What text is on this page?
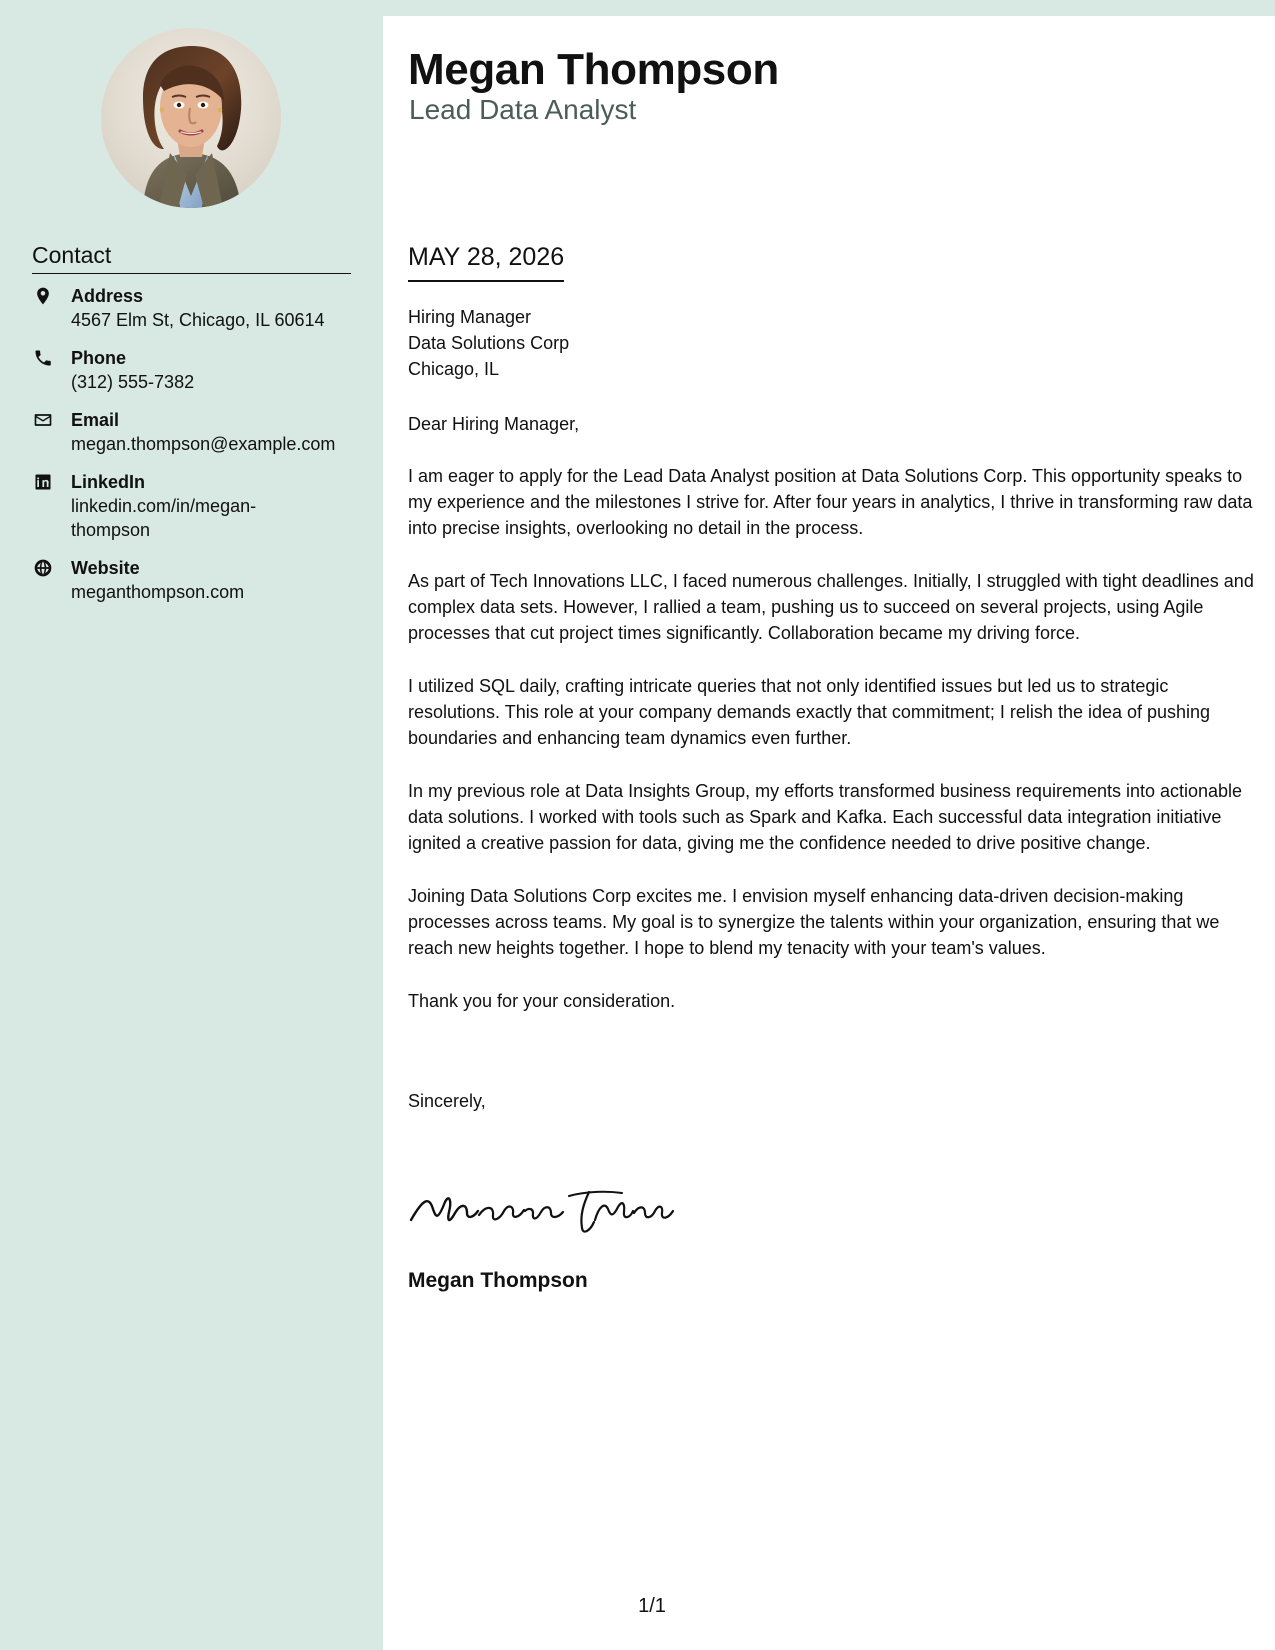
Contact
Address
4567 Elm St, Chicago, IL 60614
Phone
(312) 555-7382
Email
megan.thompson@example.com
LinkedIn
linkedin.com/in/megan-thompson
Website
meganthompson.com
Megan Thompson
Lead Data Analyst
MAY 28, 2026
Hiring Manager
Data Solutions Corp
Chicago, IL
Dear Hiring Manager,

I am eager to apply for the Lead Data Analyst position at Data Solutions Corp. This opportunity speaks to my experience and the milestones I strive for. After four years in analytics, I thrive in transforming raw data into precise insights, overlooking no detail in the process.

As part of Tech Innovations LLC, I faced numerous challenges. Initially, I struggled with tight deadlines and complex data sets. However, I rallied a team, pushing us to succeed on several projects, using Agile processes that cut project times significantly. Collaboration became my driving force.

I utilized SQL daily, crafting intricate queries that not only identified issues but led us to strategic resolutions. This role at your company demands exactly that commitment; I relish the idea of pushing boundaries and enhancing team dynamics even further.

In my previous role at Data Insights Group, my efforts transformed business requirements into actionable data solutions. I worked with tools such as Spark and Kafka. Each successful data integration initiative ignited a creative passion for data, giving me the confidence needed to drive positive change.

Joining Data Solutions Corp excites me. I envision myself enhancing data-driven decision-making processes across teams. My goal is to synergize the talents within your organization, ensuring that we reach new heights together. I hope to blend my tenacity with your team's values.

Thank you for your consideration.

Sincerely,
Megan Thompson
1/1
